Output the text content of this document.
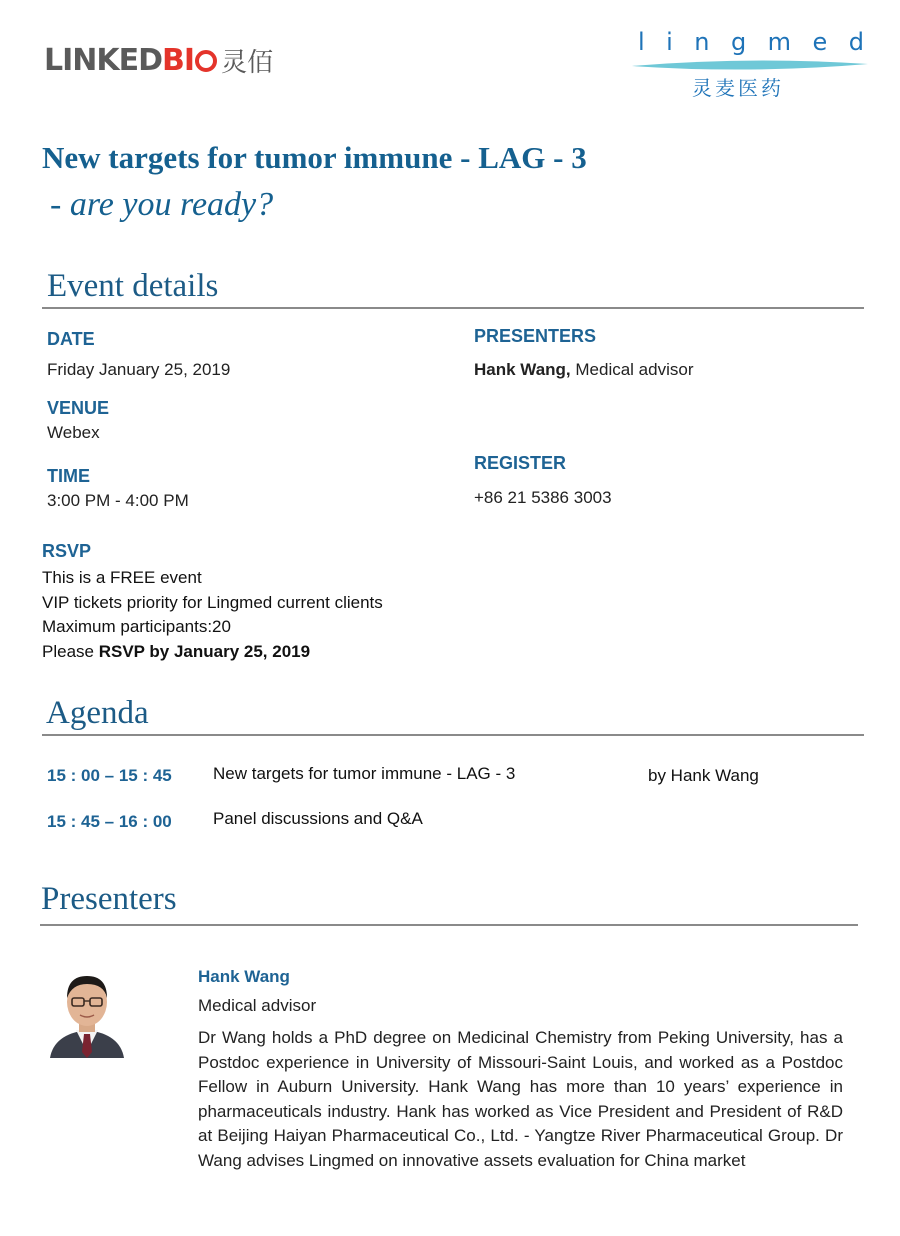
LINKED BI 灵佰
l i n g m e d
灵麦医药
New targets for tumor immune - LAG - 3
- are you ready?
Event details
DATE
Friday January 25, 2019
VENUE
Webex
TIME
3:00 PM - 4:00 PM
PRESENTERS
Hank Wang, Medical advisor
REGISTER
+86 21 5386 3003
RSVP
This is a FREE event
VIP tickets priority for Lingmed current clients
Maximum participants:20
Please RSVP by January 25, 2019
Agenda
15 : 00 – 15 : 45 New targets for tumor immune - LAG - 3	by Hank Wang
15 : 45 – 16 : 00 Panel discussions and Q&A
Presenters
Hank Wang
Medical advisor
Dr Wang holds a PhD degree on Medicinal Chemistry from Peking University, has a Postdoc experience in University of Missouri-Saint Louis, and worked as a Postdoc Fellow in Auburn University. Hank Wang has more than 10 years’ experience in pharmaceuticals industry. Hank has worked as Vice President and President of R&D at Beijing Haiyan Pharmaceutical Co., Ltd. - Yangtze River Pharmaceutical Group. Dr Wang advises Lingmed on innovative assets evaluation for China market
